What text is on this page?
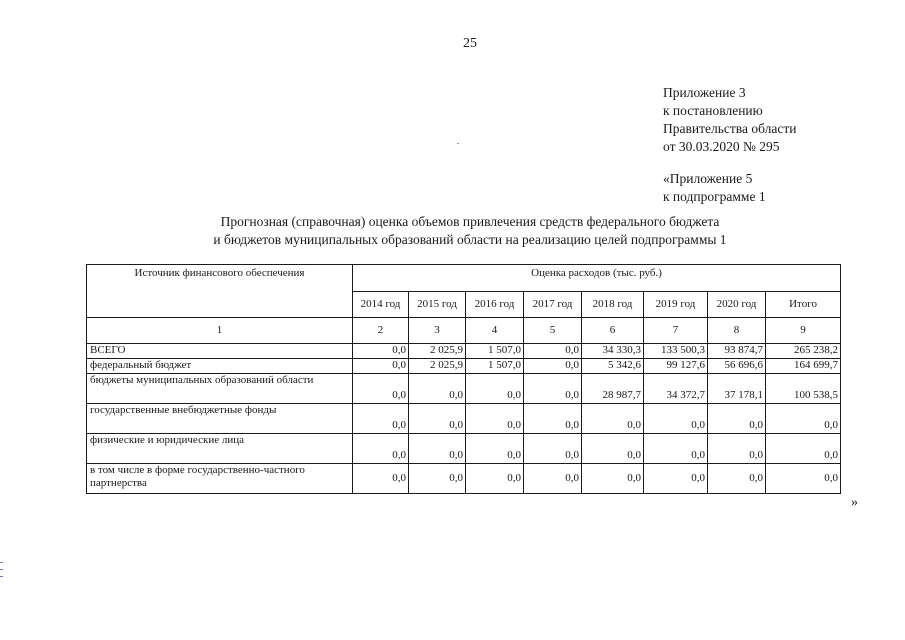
25
Приложение 3
к постановлению
Правительства области
от 30.03.2020 № 295
«Приложение 5
к подпрограмме 1
Прогнозная (справочная) оценка объемов привлечения средств федерального бюджета
и бюджетов муниципальных образований области на реализацию целей подпрограммы 1
Источник финансового обеспечения	Оценка расходов (тыс. руб.)							
	2014 год	2015 год	2016 год	2017 год	2018 год	2019 год	2020 год	Итого
1	2	3	4	5	6	7	8	9
ВСЕГО	0,0	2 025,9	1 507,0	0,0	34 330,3	133 500,3	93 874,7	265 238,2
федеральный бюджет	0,0	2 025,9	1 507,0	0,0	5 342,6	99 127,6	56 696,6	164 699,7
бюджеты муниципальных образований области	0,0	0,0	0,0	0,0	28 987,7	34 372,7	37 178,1	100 538,5
государственные внебюджетные фонды	0,0	0,0	0,0	0,0	0,0	0,0	0,0	0,0
физические и юридические лица	0,0	0,0	0,0	0,0	0,0	0,0	0,0	0,0
в том числе в форме государственно-частного партнерства	0,0	0,0	0,0	0,0	0,0	0,0	0,0	0,0
»
